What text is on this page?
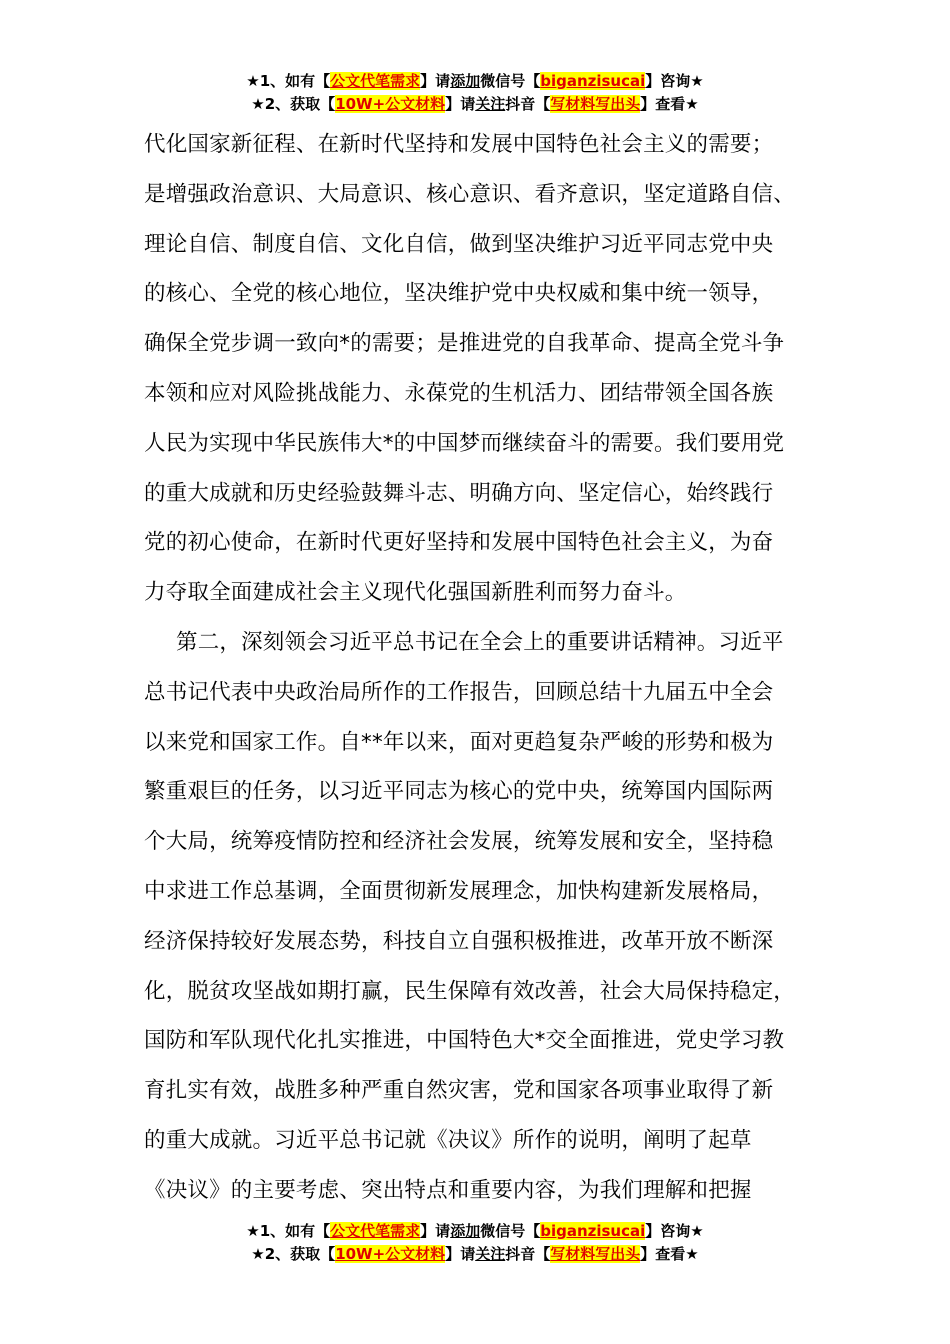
★1、如有【公文代笔需求】请添加微信号【biganzisucai】咨询★
★2、获取【10W+公文材料】请关注抖音【写材料写出头】查看★
代化国家新征程、在新时代坚持和发展中国特色社会主义的需要；
是增强政治意识、大局意识、核心意识、看齐意识，坚定道路自信、
理论自信、制度自信、文化自信，做到坚决维护习近平同志党中央
的核心、全党的核心地位，坚决维护党中央权威和集中统一领导，
确保全党步调一致向*的需要；是推进党的自我革命、提高全党斗争
本领和应对风险挑战能力、永葆党的生机活力、团结带领全国各族
人民为实现中华民族伟大*的中国梦而继续奋斗的需要。我们要用党
的重大成就和历史经验鼓舞斗志、明确方向、坚定信心，始终践行
党的初心使命，在新时代更好坚持和发展中国特色社会主义，为奋
力夺取全面建成社会主义现代化强国新胜利而努力奋斗。
第二，深刻领会习近平总书记在全会上的重要讲话精神。习近平
总书记代表中央政治局所作的工作报告，回顾总结十九届五中全会
以来党和国家工作。自**年以来，面对更趋复杂严峻的形势和极为
繁重艰巨的任务，以习近平同志为核心的党中央，统筹国内国际两
个大局，统筹疫情防控和经济社会发展，统筹发展和安全，坚持稳
中求进工作总基调，全面贯彻新发展理念，加快构建新发展格局，
经济保持较好发展态势，科技自立自强积极推进，改革开放不断深
化，脱贫攻坚战如期打赢，民生保障有效改善，社会大局保持稳定，
国防和军队现代化扎实推进，中国特色大*交全面推进，党史学习教
育扎实有效，战胜多种严重自然灾害，党和国家各项事业取得了新
的重大成就。习近平总书记就《决议》所作的说明，阐明了起草
《决议》的主要考虑、突出特点和重要内容，为我们理解和把握
★1、如有【公文代笔需求】请添加微信号【biganzisucai】咨询★
★2、获取【10W+公文材料】请关注抖音【写材料写出头】查看★
